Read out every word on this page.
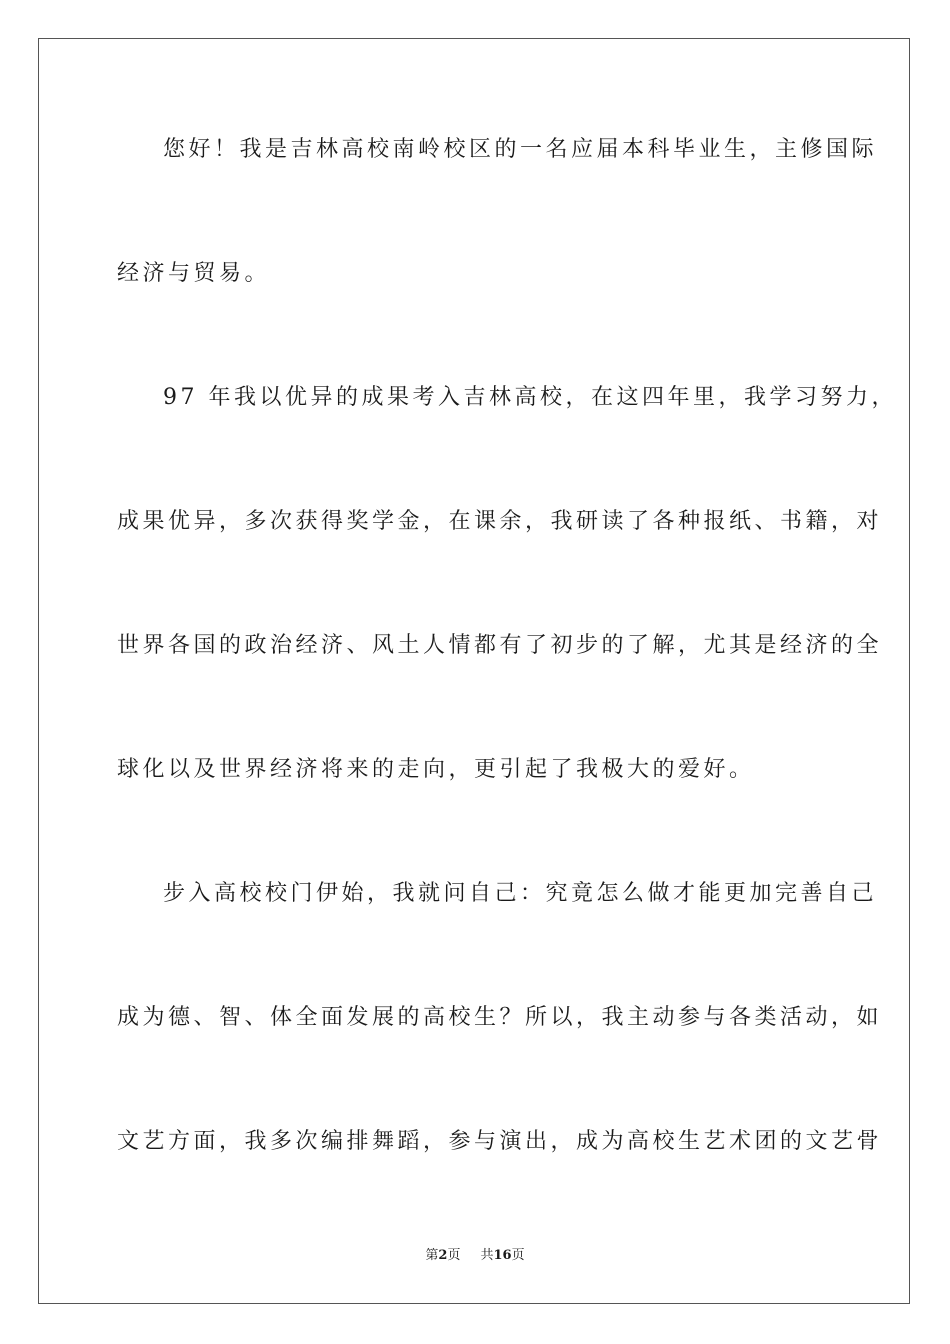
您好！我是吉林高校南岭校区的一名应届本科毕业生，主修国际
经济与贸易。
97 年我以优异的成果考入吉林高校，在这四年里，我学习努力，
成果优异，多次获得奖学金，在课余，我研读了各种报纸、书籍，对
世界各国的政治经济、风土人情都有了初步的了解，尤其是经济的全
球化以及世界经济将来的走向，更引起了我极大的爱好。
步入高校校门伊始，我就问自己：究竟怎么做才能更加完善自己
成为德、智、体全面发展的高校生？所以，我主动参与各类活动，如
文艺方面，我多次编排舞蹈，参与演出，成为高校生艺术团的文艺骨
第2页 共16页
